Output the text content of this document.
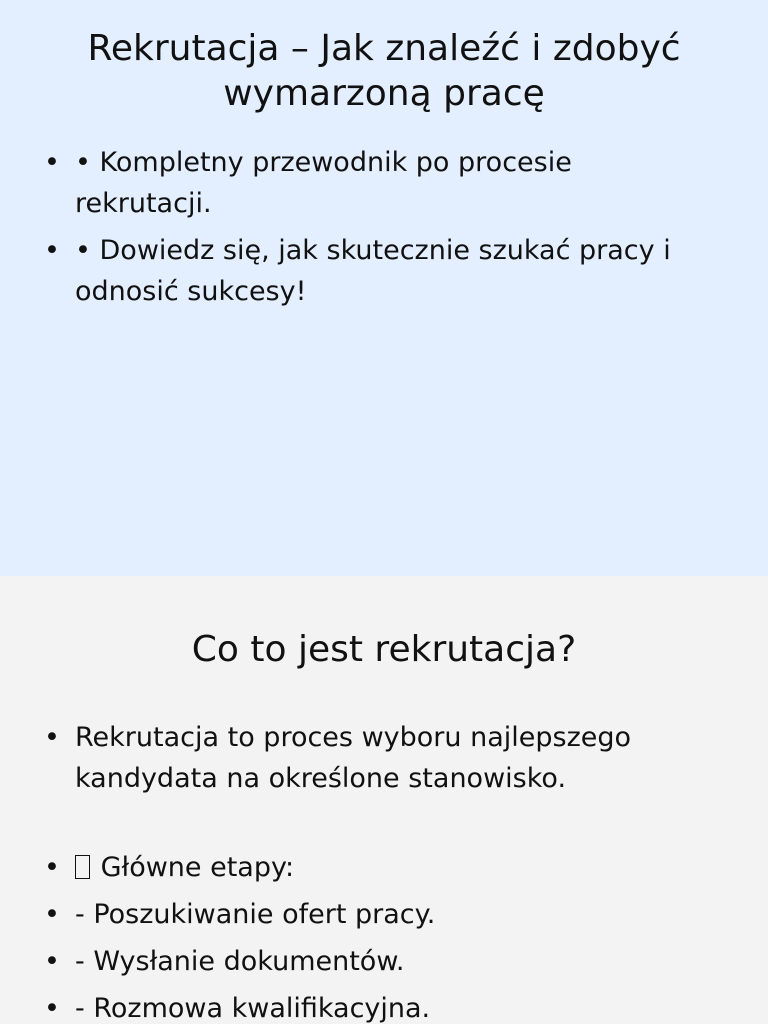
Rekrutacja – Jak znaleźć i zdobyć
wymarzoną pracę
• • Kompletny przewodnik po procesie rekrutacji.
• • Dowiedz się, jak skutecznie szukać pracy i odnosić sukcesy!
Co to jest rekrutacja?
• Rekrutacja to proces wyboru najlepszego kandydata na określone stanowisko.
• Główne etapy:
• - Poszukiwanie ofert pracy.
• - Wysłanie dokumentów.
• - Rozmowa kwalifikacyjna.
